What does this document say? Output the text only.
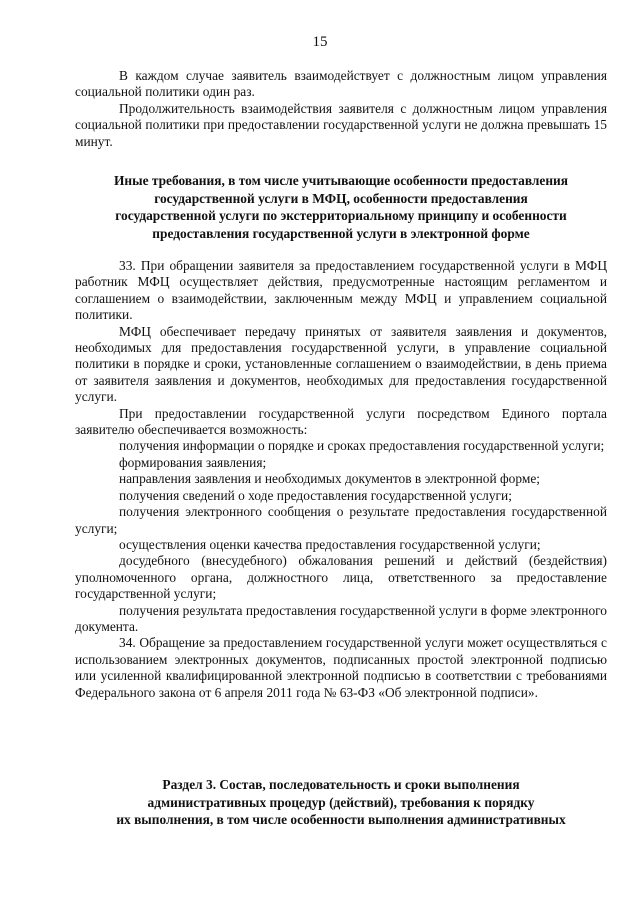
15

В каждом случае заявитель взаимодействует с должностным лицом управления социальной политики один раз.

Продолжительность взаимодействия заявителя с должностным лицом управления социальной политики при предоставлении государственной услуги не должна превышать 15 минут.

Иные требования, в том числе учитывающие особенности предоставления
государственной услуги в МФЦ, особенности предоставления
государственной услуги по экстерриториальному принципу и особенности
предоставления государственной услуги в электронной форме

33. При обращении заявителя за предоставлением государственной услуги в МФЦ работник МФЦ осуществляет действия, предусмотренные настоящим регламентом и соглашением о взаимодействии, заключенным между МФЦ и управлением социальной политики.

МФЦ обеспечивает передачу принятых от заявителя заявления и документов, необходимых для предоставления государственной услуги, в управление социальной политики в порядке и сроки, установленные соглашением о взаимодействии, в день приема от заявителя заявления и документов, необходимых для предоставления государственной услуги.

При предоставлении государственной услуги посредством Единого портала заявителю обеспечивается возможность:

получения информации о порядке и сроках предоставления государственной услуги;

формирования заявления;

направления заявления и необходимых документов в электронной форме;

получения сведений о ходе предоставления государственной услуги;

получения электронного сообщения о результате предоставления государственной услуги;

осуществления оценки качества предоставления государственной услуги;

досудебного (внесудебного) обжалования решений и действий (бездействия) уполномоченного органа, должностного лица, ответственного за предоставление государственной услуги;

получения результата предоставления государственной услуги в форме электронного документа.

34. Обращение за предоставлением государственной услуги может осуществляться с использованием электронных документов, подписанных простой электронной подписью или усиленной квалифицированной электронной подписью в соответствии с требованиями Федерального закона от 6 апреля 2011 года № 63-ФЗ «Об электронной подписи».

Раздел 3. Состав, последовательность и сроки выполнения
административных процедур (действий), требования к порядку
их выполнения, в том числе особенности выполнения административных
